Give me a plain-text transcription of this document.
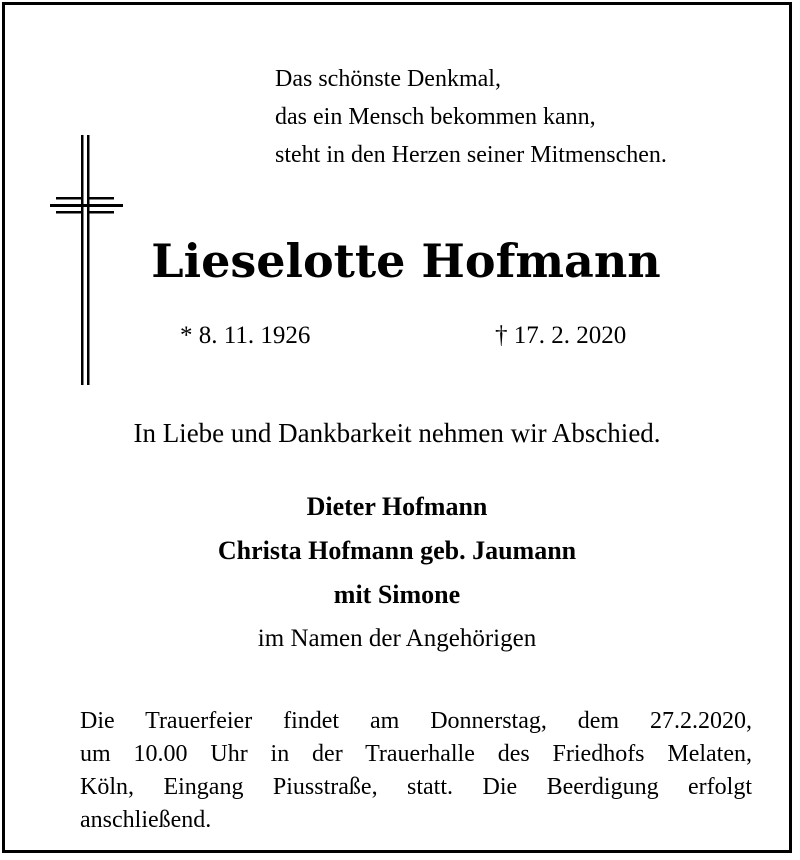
Das schönste Denkmal,
das ein Mensch bekommen kann,
steht in den Herzen seiner Mitmenschen.
Lieselotte Hofmann
* 8. 11. 1926	† 17. 2. 2020
In Liebe und Dankbarkeit nehmen wir Abschied.
Dieter Hofmann
Christa Hofmann geb. Jaumann
mit Simone
im Namen der Angehörigen
Die Trauerfeier findet am Donnerstag, dem 27.2.2020,
um 10.00 Uhr in der Trauerhalle des Friedhofs Melaten,
Köln, Eingang Piusstraße, statt. Die Beerdigung erfolgt
anschließend.
